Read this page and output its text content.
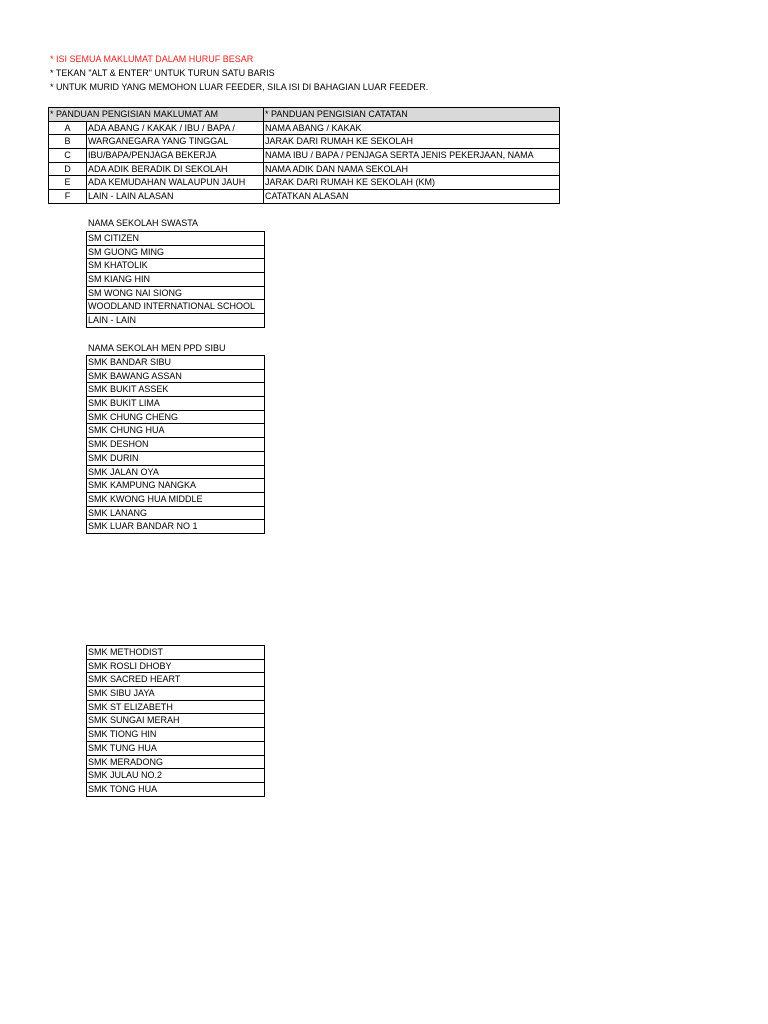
* ISI SEMUA MAKLUMAT DALAM HURUF BESAR
* TEKAN "ALT & ENTER" UNTUK TURUN SATU BARIS
* UNTUK MURID YANG MEMOHON LUAR FEEDER, SILA ISI DI BAHAGIAN LUAR FEEDER.
* PANDUAN PENGISIAN MAKLUMAT AM		* PANDUAN PENGISIAN CATATAN
A	ADA ABANG / KAKAK / IBU / BAPA /	NAMA ABANG / KAKAK
B	WARGANEGARA YANG TINGGAL	JARAK DARI RUMAH KE SEKOLAH
C	IBU/BAPA/PENJAGA BEKERJA	NAMA IBU / BAPA / PENJAGA SERTA JENIS PEKERJAAN, NAMA
D	ADA ADIK BERADIK DI SEKOLAH	NAMA ADIK DAN NAMA SEKOLAH
E	ADA KEMUDAHAN WALAUPUN JAUH	JARAK DARI RUMAH KE SEKOLAH (KM)
F	LAIN - LAIN ALASAN	CATATKAN ALASAN
NAMA SEKOLAH SWASTA
SM CITIZEN
SM GUONG MING
SM KHATOLIK
SM KIANG HIN
SM WONG NAI SIONG
WOODLAND INTERNATIONAL SCHOOL
LAIN - LAIN
NAMA SEKOLAH MEN PPD SIBU
SMK BANDAR SIBU
SMK BAWANG ASSAN
SMK BUKIT ASSEK
SMK BUKIT LIMA
SMK CHUNG CHENG
SMK CHUNG HUA
SMK DESHON
SMK DURIN
SMK JALAN OYA
SMK KAMPUNG NANGKA
SMK KWONG HUA MIDDLE
SMK LANANG
SMK LUAR BANDAR NO 1
SMK METHODIST
SMK ROSLI DHOBY
SMK SACRED HEART
SMK SIBU JAYA
SMK ST ELIZABETH
SMK SUNGAI MERAH
SMK TIONG HIN
SMK TUNG HUA
SMK MERADONG
SMK JULAU NO.2
SMK TONG HUA
